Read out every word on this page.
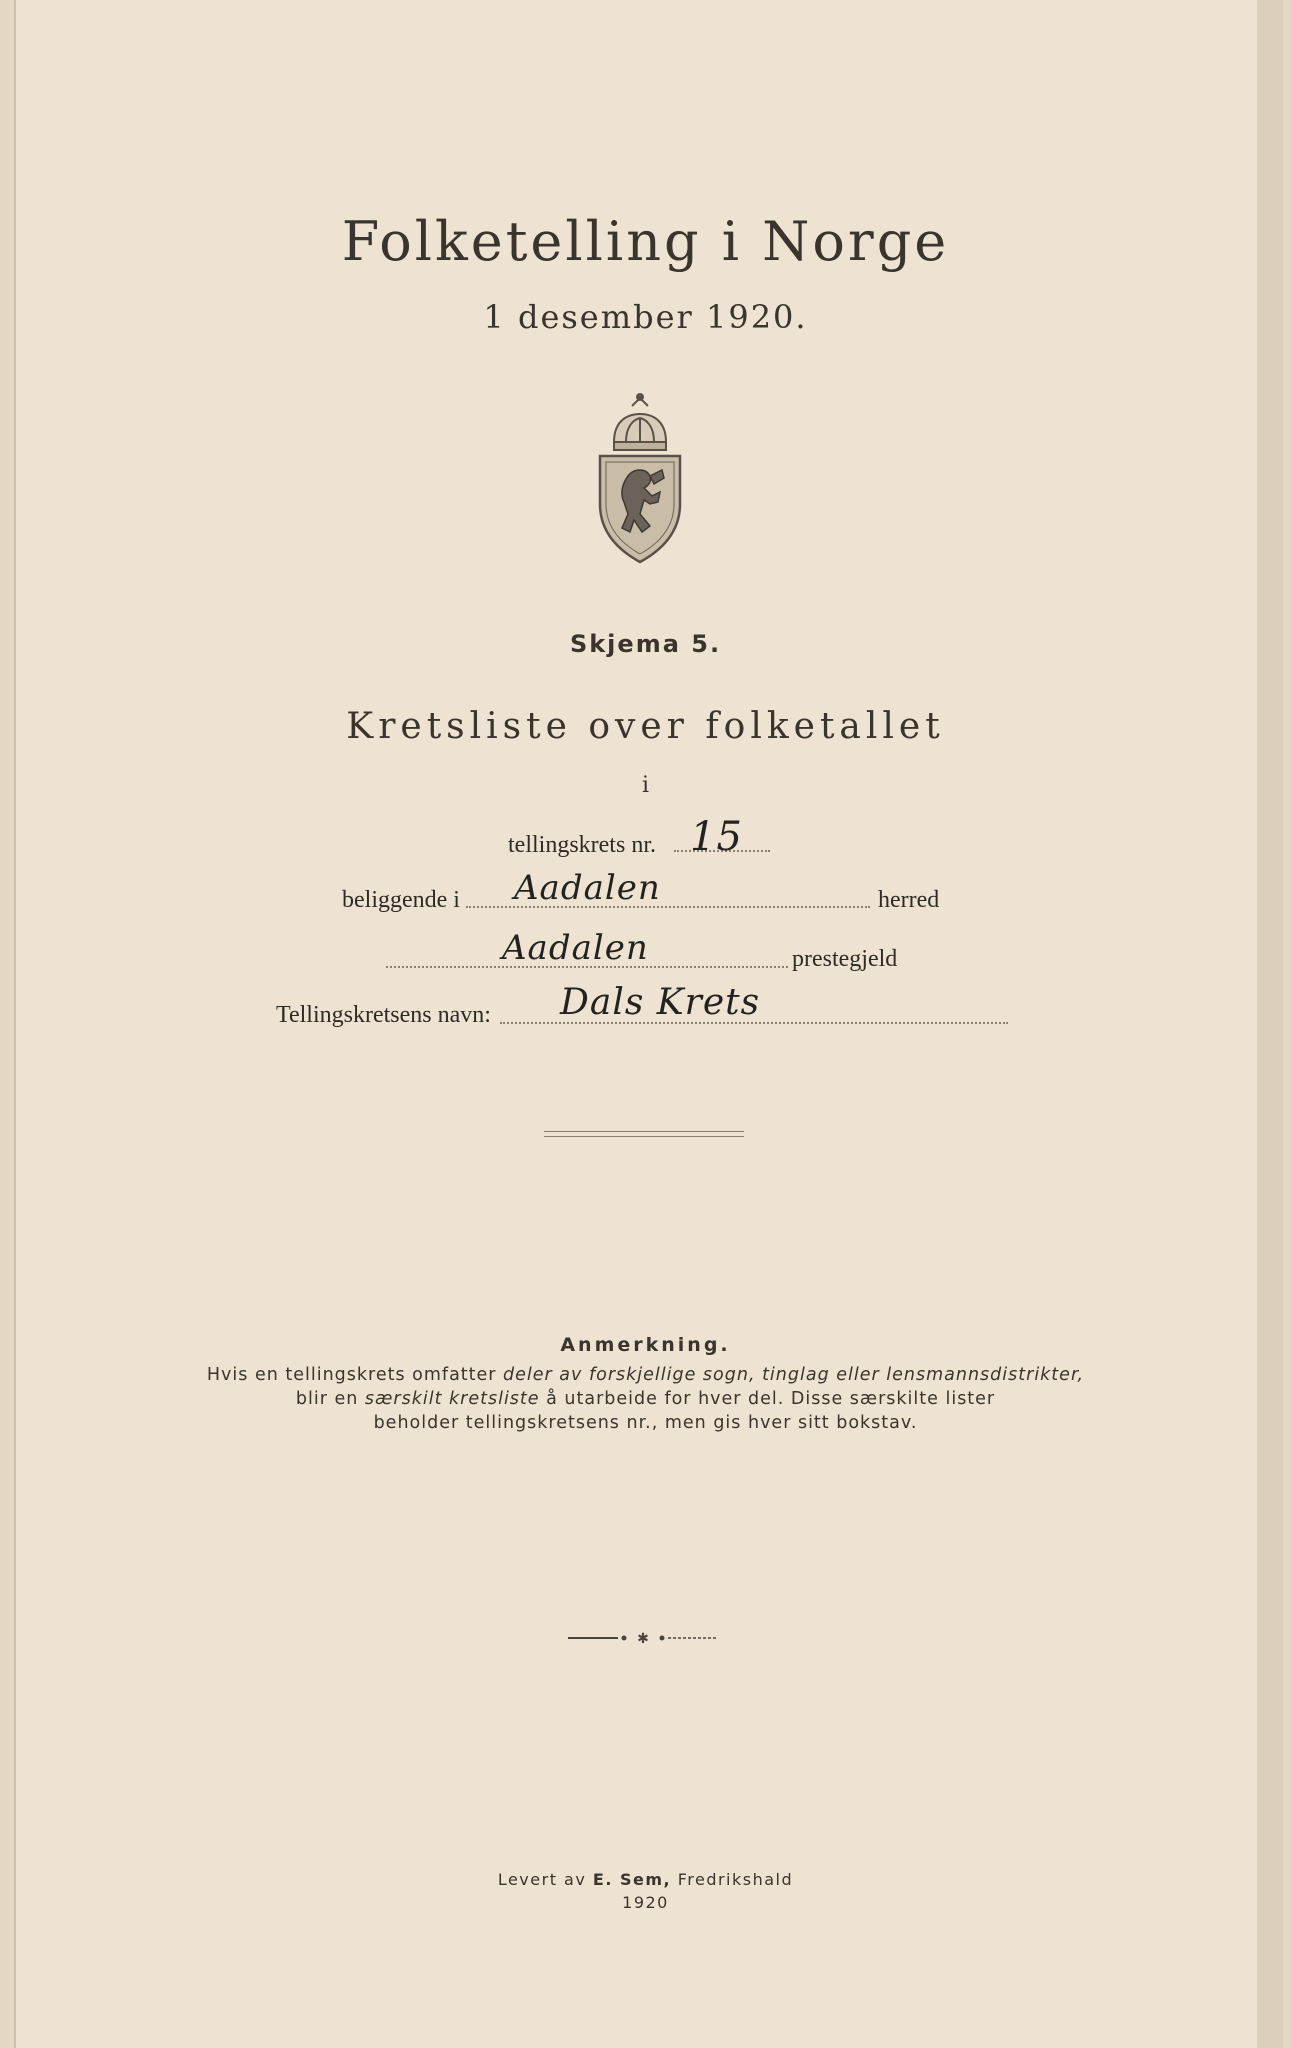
Folketelling i Norge
1 desember 1920.
Skjema 5.
Kretsliste over folketallet
i
tellingskrets nr. 15
beliggende i Aadalen	herred
Aadalen	prestegjeld
Tellingskretsens navn: Dals Krets
Anmerkning.
Hvis en tellingskrets omfatter deler av forskjellige sogn, tinglag eller lensmannsdistrikter,
blir en særskilt kretsliste å utarbeide for hver del. Disse særskilte lister
beholder tellingskretsens nr., men gis hver sitt bokstav.
✱
Levert av E. Sem, Fredrikshald
1920
